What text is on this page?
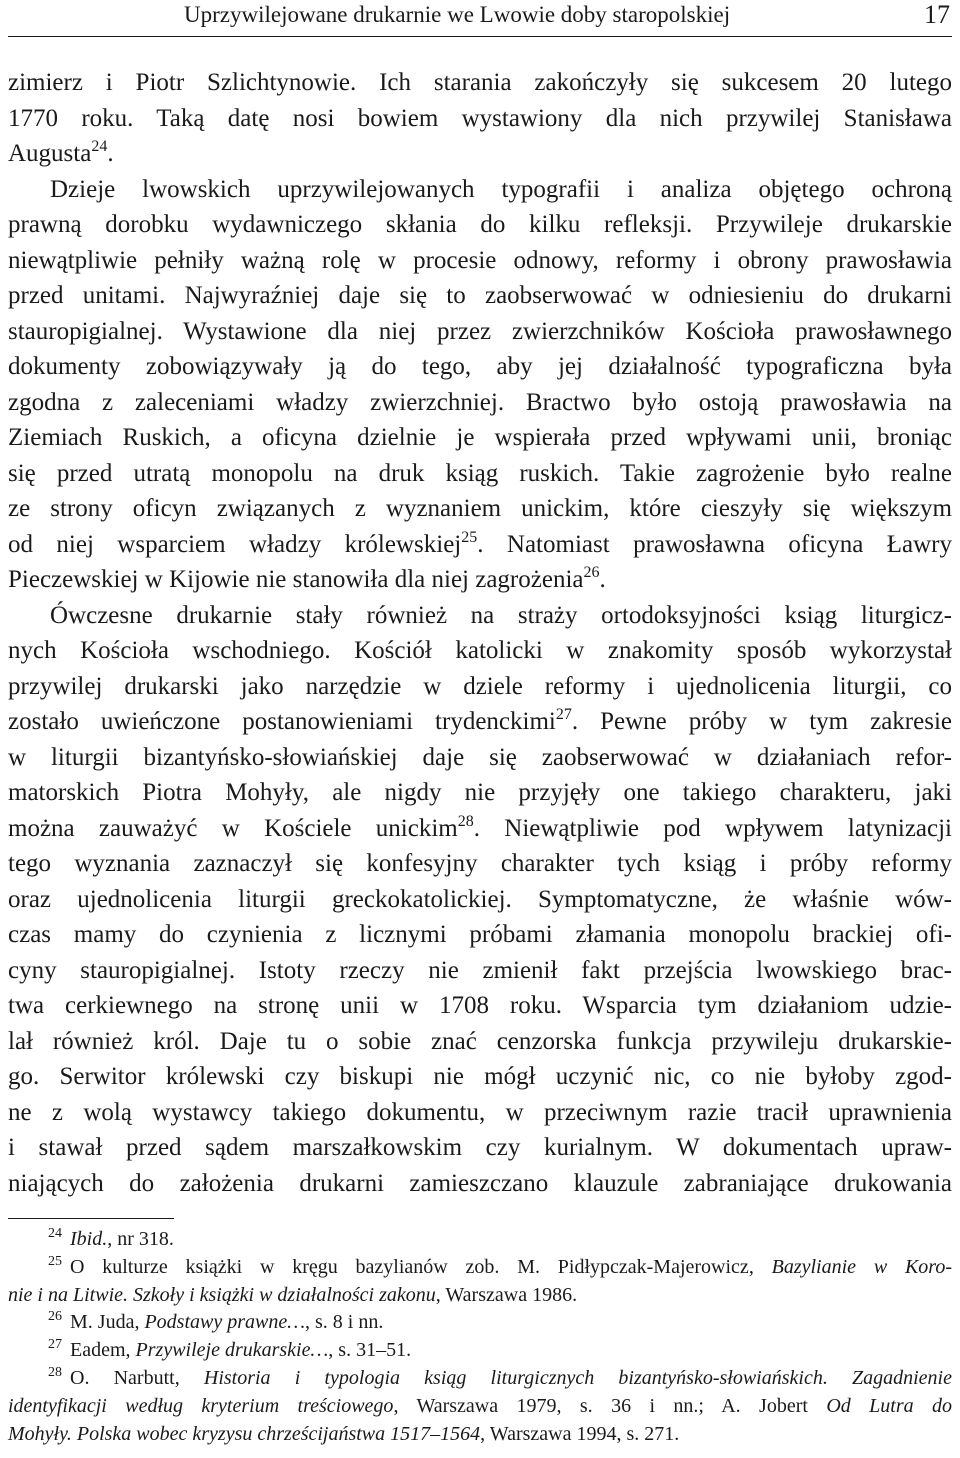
Uprzywilejowane drukarnie we Lwowie doby staropolskiej	17
zimierz i Piotr Szlichtynowie. Ich starania zakończyły się sukcesem 20 lutego
1770 roku. Taką datę nosi bowiem wystawiony dla nich przywilej Stanisława
Augusta$^{24}$.
Dzieje lwowskich uprzywilejowanych typografii i analiza objętego ochroną
prawną dorobku wydawniczego skłania do kilku refleksji. Przywileje drukarskie
niewątpliwie pełniły ważną rolę w procesie odnowy, reformy i obrony prawosławia
przed unitami. Najwyraźniej daje się to zaobserwować w odniesieniu do drukarni
stauropigialnej. Wystawione dla niej przez zwierzchników Kościoła prawosławnego
dokumenty zobowiązywały ją do tego, aby jej działalność typograficzna była
zgodna z zaleceniami władzy zwierzchniej. Bractwo było ostoją prawosławia na
Ziemiach Ruskich, a oficyna dzielnie je wspierała przed wpływami unii, broniąc
się przed utratą monopolu na druk ksiąg ruskich. Takie zagrożenie było realne
ze strony oficyn związanych z wyznaniem unickim, które cieszyły się większym
od niej wsparciem władzy królewskiej$^{25}$. Natomiast prawosławna oficyna Ławry
Pieczewskiej w Kijowie nie stanowiła dla niej zagrożenia$^{26}$.
Ówczesne drukarnie stały również na straży ortodoksyjności ksiąg liturgicz-
nych Kościoła wschodniego. Kościół katolicki w znakomity sposób wykorzystał
przywilej drukarski jako narzędzie w dziele reformy i ujednolicenia liturgii, co
zostało uwieńczone postanowieniami trydenckimi$^{27}$. Pewne próby w tym zakresie
w liturgii bizantyńsko-słowiańskiej daje się zaobserwować w działaniach refor-
matorskich Piotra Mohyły, ale nigdy nie przyjęły one takiego charakteru, jaki
można zauważyć w Kościele unickim$^{28}$. Niewątpliwie pod wpływem latynizacji
tego wyznania zaznaczył się konfesyjny charakter tych ksiąg i próby reformy
oraz ujednolicenia liturgii greckokatolickiej. Symptomatyczne, że właśnie wów-
czas mamy do czynienia z licznymi próbami złamania monopolu brackiej ofi-
cyny stauropigialnej. Istoty rzeczy nie zmienił fakt przejścia lwowskiego brac-
twa cerkiewnego na stronę unii w 1708 roku. Wsparcia tym działaniom udzie-
lał również król. Daje tu o sobie znać cenzorska funkcja przywileju drukarskie-
go. Serwitor królewski czy biskupi nie mógł uczynić nic, co nie byłoby zgod-
ne z wolą wystawcy takiego dokumentu, w przeciwnym razie tracił uprawnienia
i stawał przed sądem marszałkowskim czy kurialnym. W dokumentach upraw-
niających do założenia drukarni zamieszczano klauzule zabraniające drukowania
$^{24}$ Ibid., nr 318.
$^{25}$ O kulturze książki w kręgu bazylianów zob. M. Pidłypczak-Majerowicz, Bazylianie w Koro-
nie i na Litwie. Szkoły i książki w działalności zakonu, Warszawa 1986.
$^{26}$ M. Juda, Podstawy prawne…, s. 8 i nn.
$^{27}$ Eadem, Przywileje drukarskie…, s. 31–51.
$^{28}$ O. Narbutt, Historia i typologia ksiąg liturgicznych bizantyńsko-słowiańskich. Zagadnienie
identyfikacji według kryterium treściowego, Warszawa 1979, s. 36 i nn.; A. Jobert Od Lutra do
Mohyły. Polska wobec kryzysu chrześcijaństwa 1517–1564, Warszawa 1994, s. 271.
